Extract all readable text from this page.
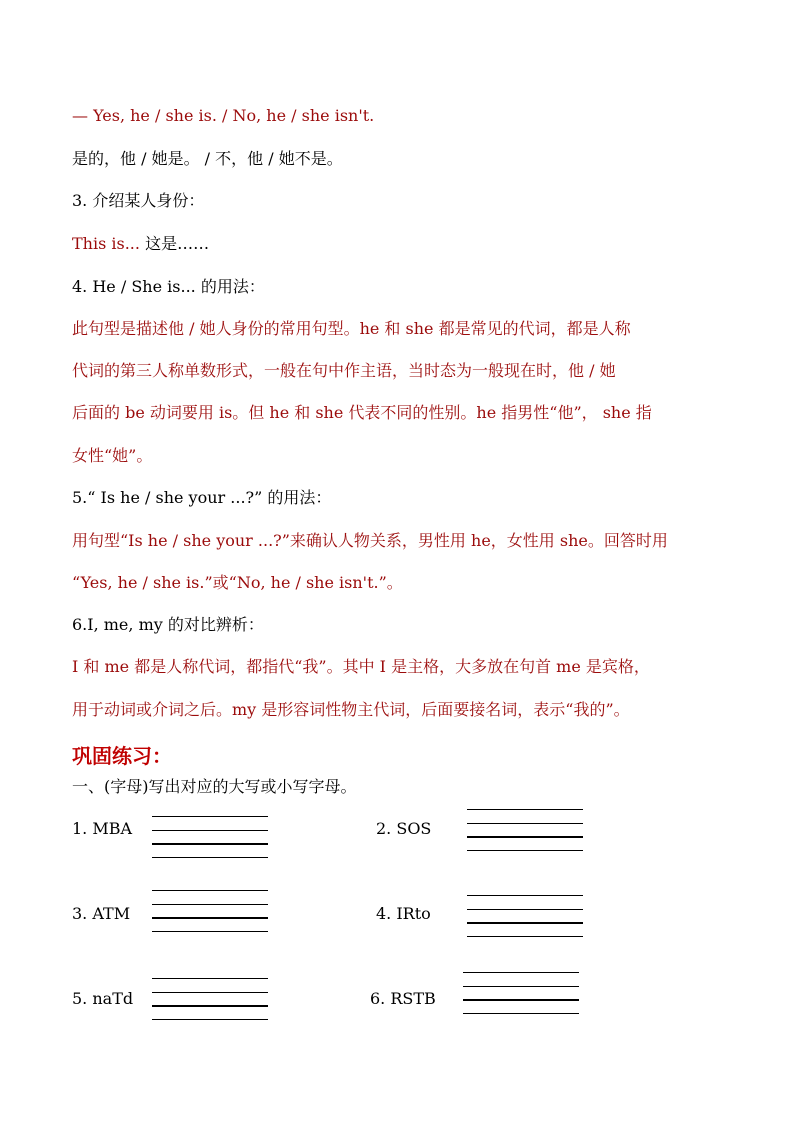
— Yes, he / she is. / No, he / she isn't.
是的，他 / 她是。 / 不，他 / 她不是。
3. 介绍某人身份：
This is... 这是……
4. He / She is... 的用法：
此句型是描述他 / 她人身份的常用句型。he 和 she 都是常见的代词，都是人称
代词的第三人称单数形式，一般在句中作主语，当时态为一般现在时，他 / 她
后面的 be 动词要用 is。但 he 和 she 代表不同的性别。he 指男性“他”， she 指
女性“她”。
5.“ Is he / she your ...?” 的用法：
用句型“Is he / she your ...?”来确认人物关系，男性用 he，女性用 she。回答时用
“Yes, he / she is.”或“No, he / she isn't.”。
6.I, me, my 的对比辨析：
I 和 me 都是人称代词，都指代“我”。其中 I 是主格，大多放在句首 me 是宾格，
用于动词或介词之后。my 是形容词性物主代词，后面要接名词，表示“我的”。
巩固练习：
一、(字母)写出对应的大写或小写字母。
1. MBA	2. SOS
3. ATM	4. IRto
5. naTd	6. RSTB
